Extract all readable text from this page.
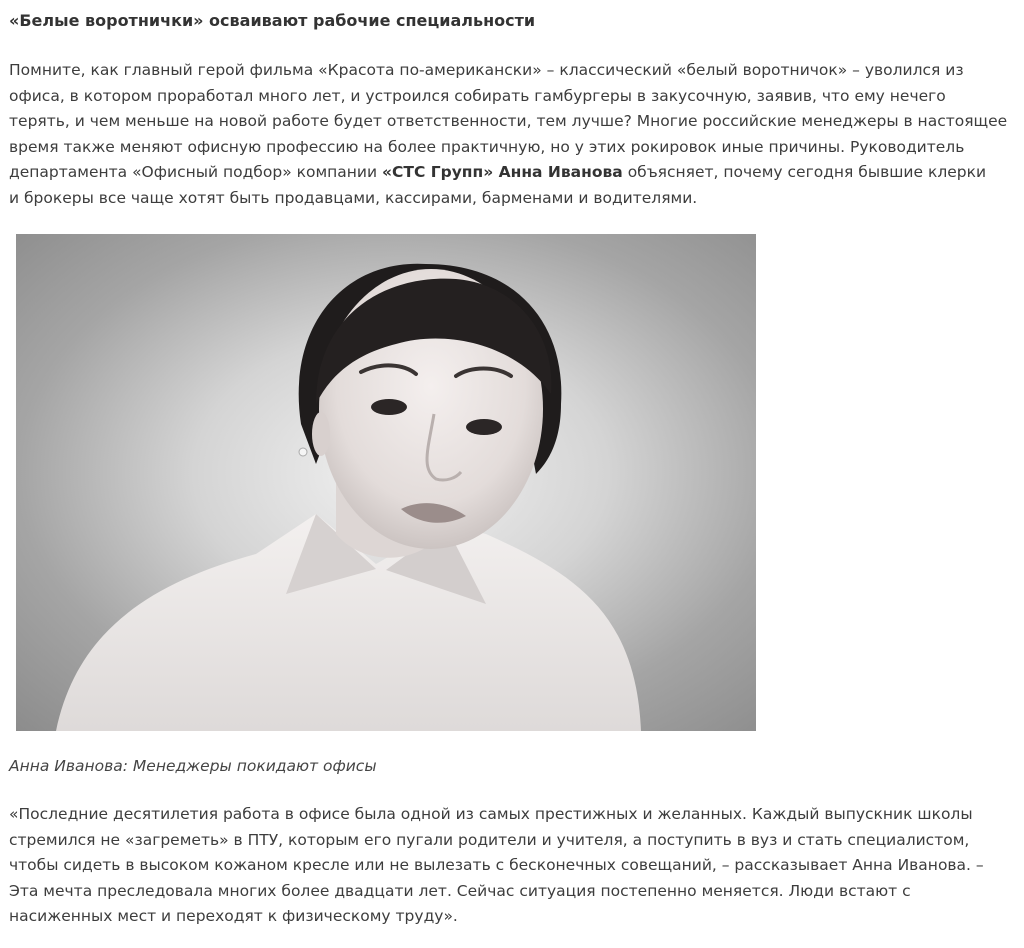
«Белые воротнички» осваивают рабочие специальности
Помните, как главный герой фильма «Красота по-американски» – классический «белый воротничок» – уволился из
офиса, в котором проработал много лет, и устроился собирать гамбургеры в закусочную, заявив, что ему нечего
терять, и чем меньше на новой работе будет ответственности, тем лучше? Многие российские менеджеры в настоящее
время также меняют офисную профессию на более практичную, но у этих рокировок иные причины. Руководитель
департамента «Офисный подбор» компании «СТС Групп» Анна Иванова объясняет, почему сегодня бывшие клерки
и брокеры все чаще хотят быть продавцами, кассирами, барменами и водителями.
Анна Иванова: Менеджеры покидают офисы
«Последние десятилетия работа в офисе была одной из самых престижных и желанных. Каждый выпускник школы
стремился не «загреметь» в ПТУ, которым его пугали родители и учителя, а поступить в вуз и стать специалистом,
чтобы сидеть в высоком кожаном кресле или не вылезать с бесконечных совещаний, – рассказывает Анна Иванова. –
Эта мечта преследовала многих более двадцати лет. Сейчас ситуация постепенно меняется. Люди встают с
насиженных мест и переходят к физическому труду».
